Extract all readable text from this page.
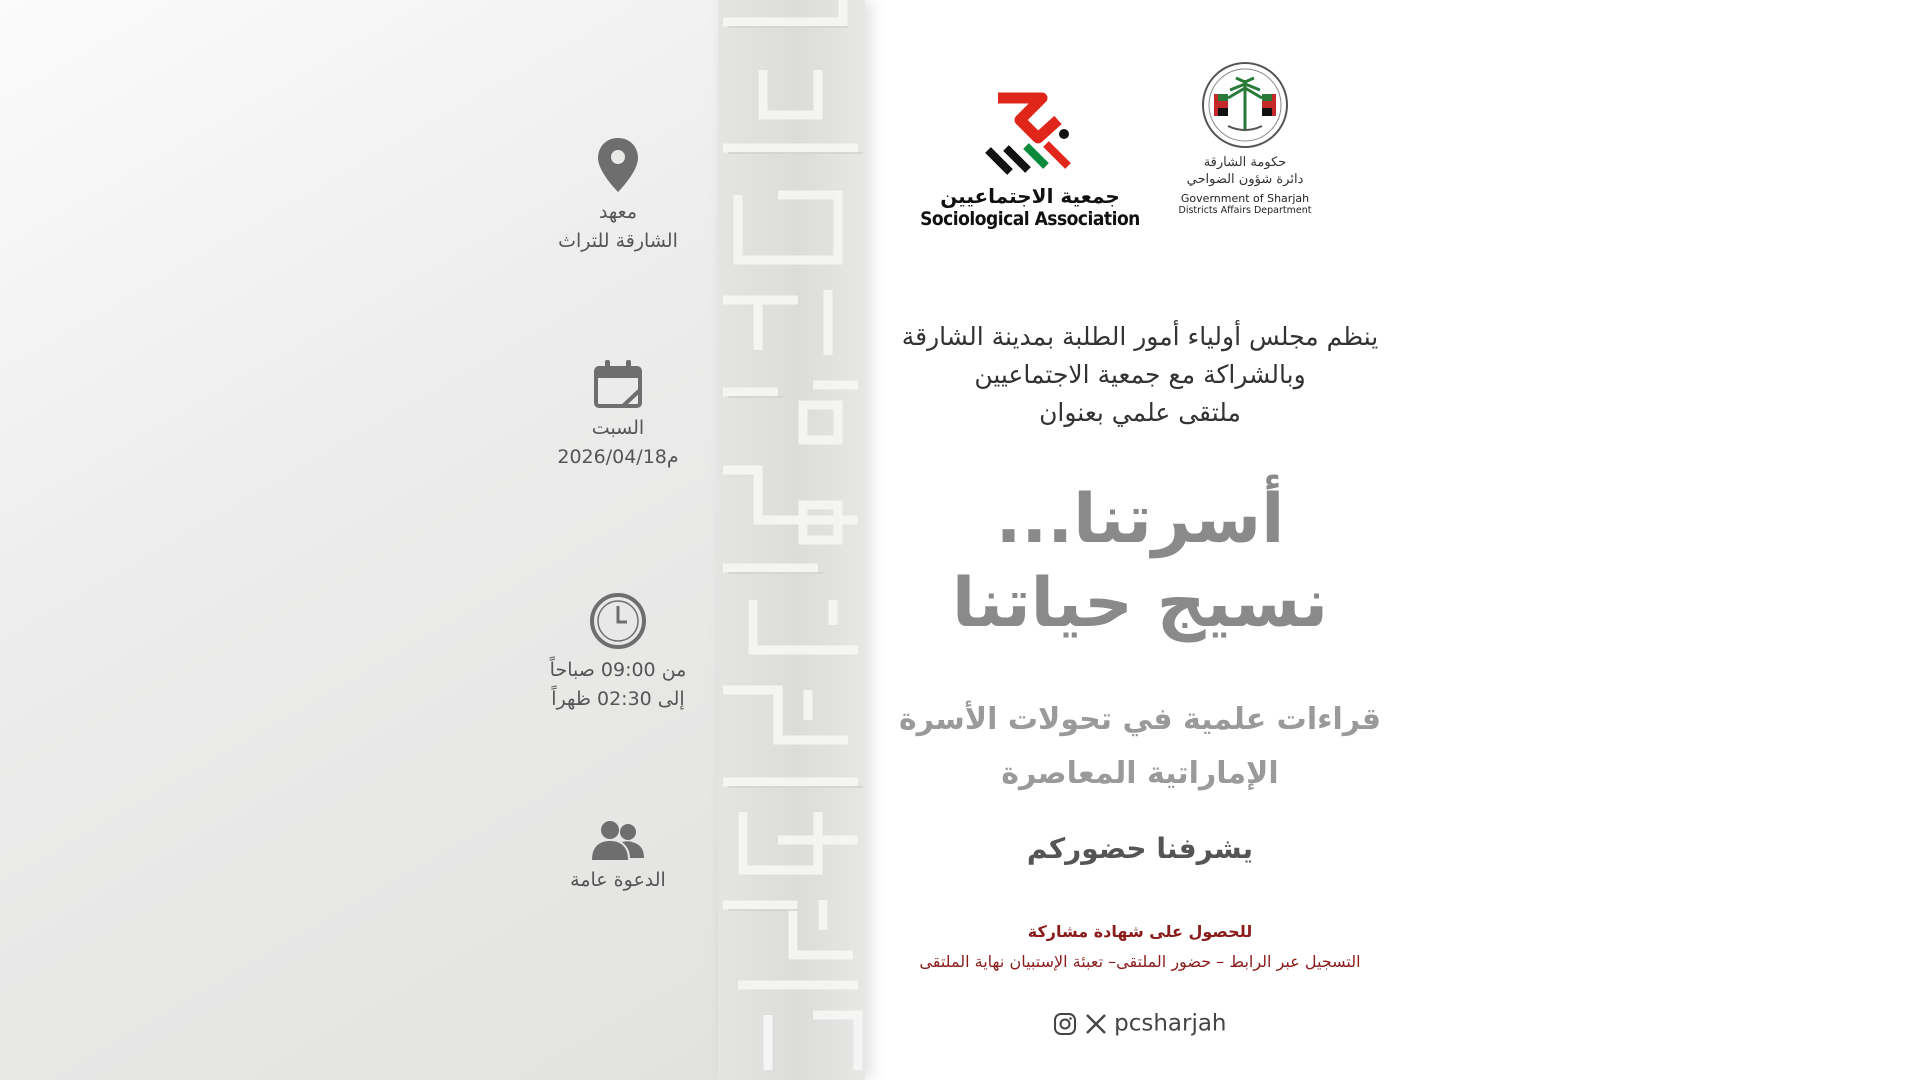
معهد
الشارقة للتراث
السبت
2026/04/18م
من 09:00 صباحاً
إلى 02:30 ظهراً
الدعوة عامة
جمعية الاجتماعيين
Sociological Association
حكومة الشارقة
دائرة شؤون الضواحي
Government of Sharjah
Districts Affairs Department
ينظم مجلس أولياء أمور الطلبة بمدينة الشارقة
وبالشراكة مع جمعية الاجتماعيين
ملتقى علمي بعنوان
أسرتنا...
نسيج حياتنا
قراءات علمية في تحولات الأسرة
الإماراتية المعاصرة
يشرفنا حضوركم
للحصول على شهادة مشاركة
التسجيل عبر الرابط – حضور الملتقى– تعبئة الإستبيان نهاية الملتقى
pcsharjah
